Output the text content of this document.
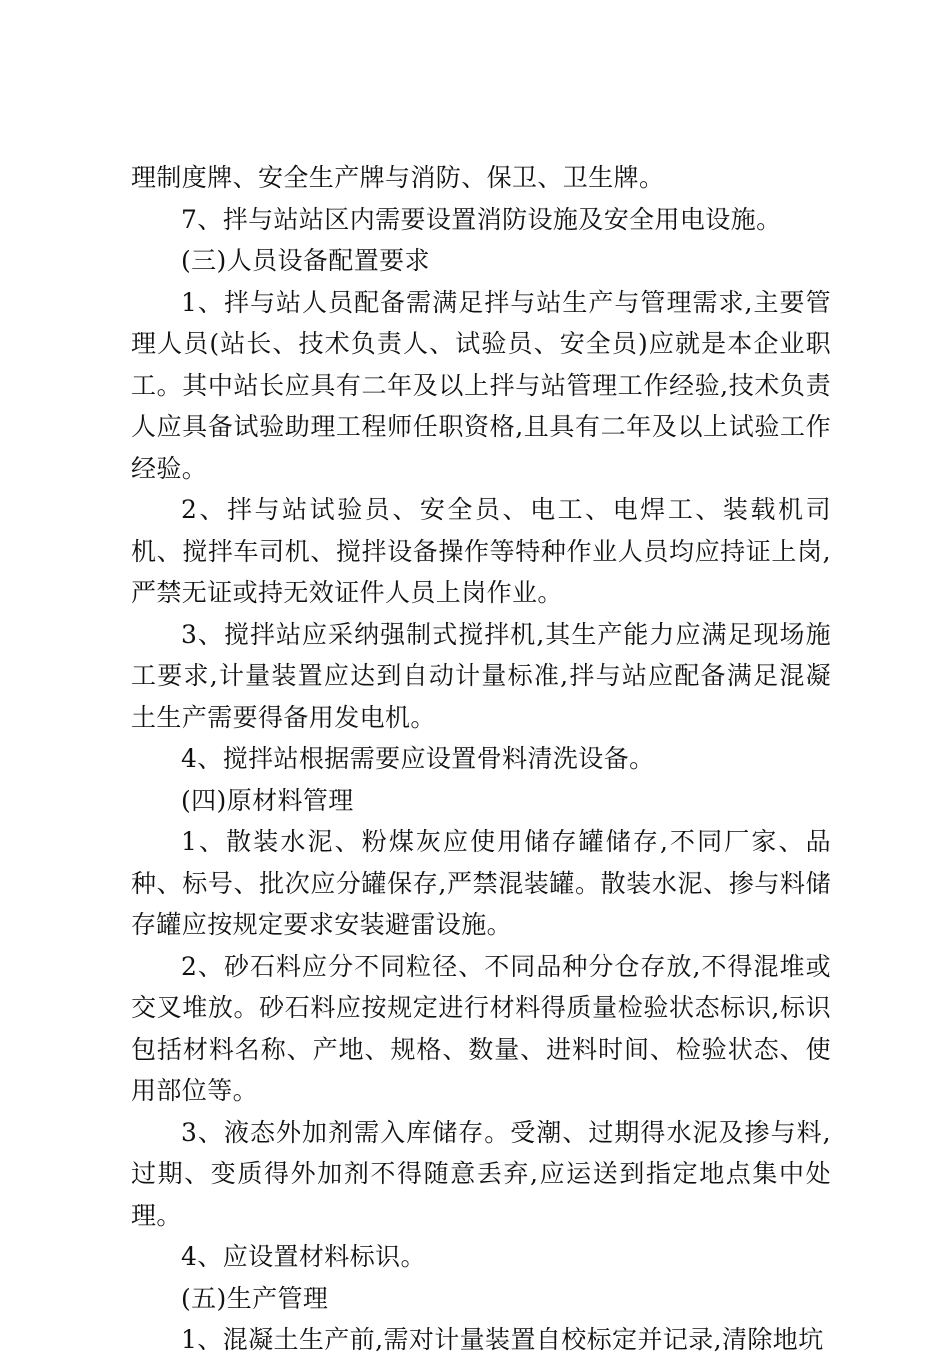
理制度牌、安全生产牌与消防、保卫、卫生牌。

7、拌与站站区内需要设置消防设施及安全用电设施。

(三)人员设备配置要求

1、拌与站人员配备需满足拌与站生产与管理需求,主要管理人员(站长、技术负责人、试验员、安全员)应就是本企业职工。其中站长应具有二年及以上拌与站管理工作经验,技术负责人应具备试验助理工程师任职资格,且具有二年及以上试验工作经验。

2、拌与站试验员、安全员、电工、电焊工、装载机司机、搅拌车司机、搅拌设备操作等特种作业人员均应持证上岗,严禁无证或持无效证件人员上岗作业。

3、搅拌站应采纳强制式搅拌机,其生产能力应满足现场施工要求,计量装置应达到自动计量标准,拌与站应配备满足混凝土生产需要得备用发电机。

4、搅拌站根据需要应设置骨料清洗设备。

(四)原材料管理

1、散装水泥、粉煤灰应使用储存罐储存,不同厂家、品种、标号、批次应分罐保存,严禁混装罐。散装水泥、掺与料储存罐应按规定要求安装避雷设施。

2、砂石料应分不同粒径、不同品种分仓存放,不得混堆或交叉堆放。砂石料应按规定进行材料得质量检验状态标识,标识包括材料名称、产地、规格、数量、进料时间、检验状态、使用部位等。

3、液态外加剂需入库储存。受潮、过期得水泥及掺与料,过期、变质得外加剂不得随意丢弃,应运送到指定地点集中处理。

4、应设置材料标识。

(五)生产管理

1、混凝土生产前,需对计量装置自校标定并记录,清除地坑
